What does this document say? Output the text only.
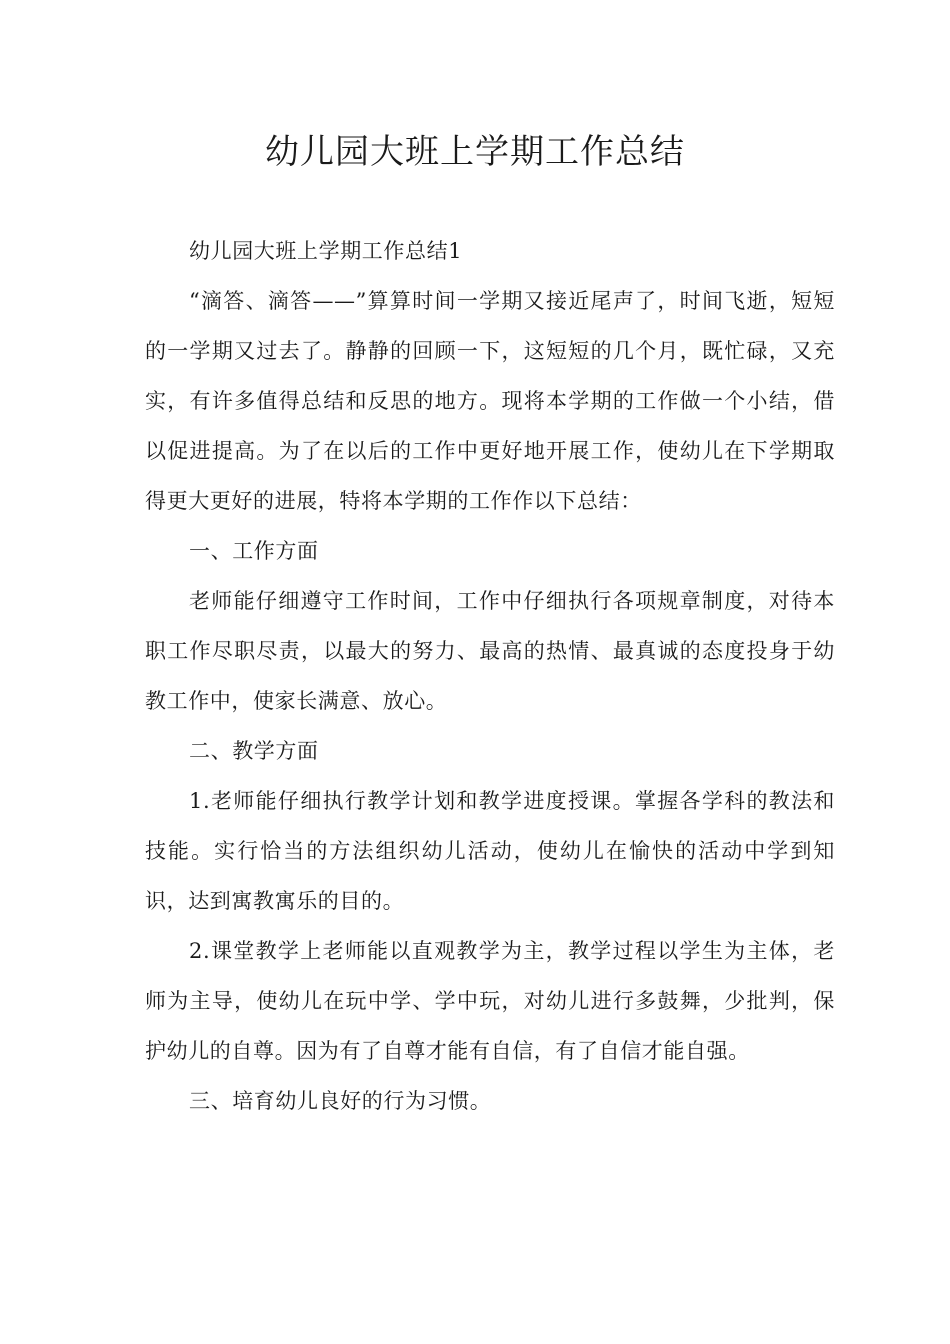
幼儿园大班上学期工作总结

幼儿园大班上学期工作总结1

“滴答、滴答——”算算时间一学期又接近尾声了，时间飞逝，短短的一学期又过去了。静静的回顾一下，这短短的几个月，既忙碌，又充实，有许多值得总结和反思的地方。现将本学期的工作做一个小结，借以促进提高。为了在以后的工作中更好地开展工作，使幼儿在下学期取得更大更好的进展，特将本学期的工作作以下总结：

一、工作方面

老师能仔细遵守工作时间，工作中仔细执行各项规章制度，对待本职工作尽职尽责，以最大的努力、最高的热情、最真诚的态度投身于幼教工作中，使家长满意、放心。

二、教学方面

1.老师能仔细执行教学计划和教学进度授课。掌握各学科的教法和技能。实行恰当的方法组织幼儿活动，使幼儿在愉快的活动中学到知识，达到寓教寓乐的目的。

2.课堂教学上老师能以直观教学为主，教学过程以学生为主体，老师为主导，使幼儿在玩中学、学中玩，对幼儿进行多鼓舞，少批判，保护幼儿的自尊。因为有了自尊才能有自信，有了自信才能自强。

三、培育幼儿良好的行为习惯。
